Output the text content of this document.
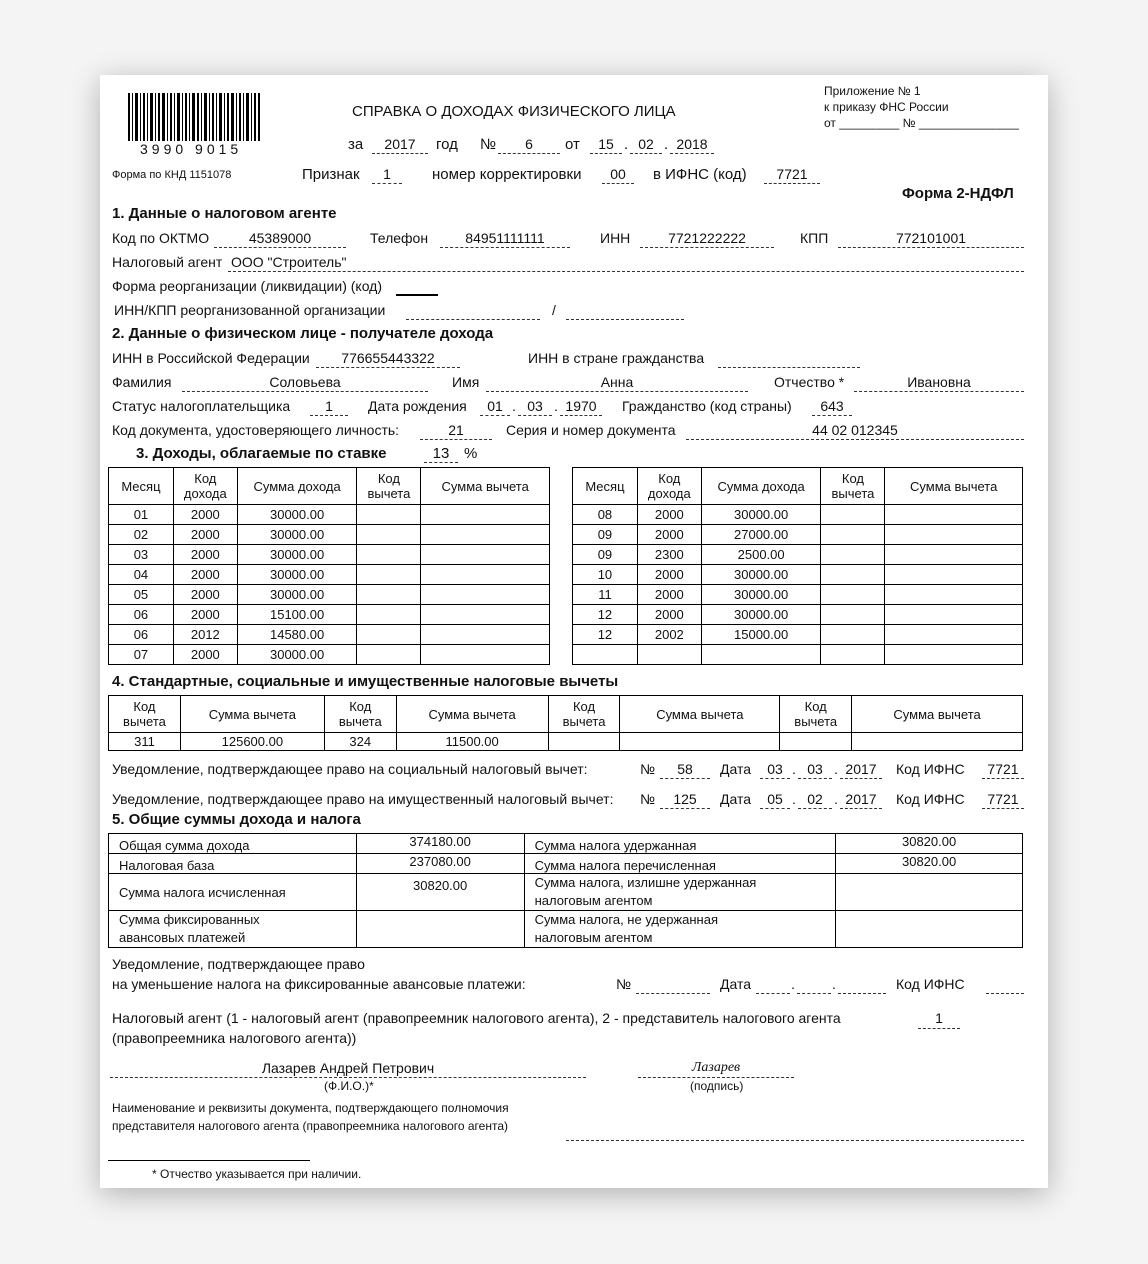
3990 9015
Форма по КНД 1151078
СПРАВКА О ДОХОДАХ ФИЗИЧЕСКОГО ЛИЦА
за	2017	год №	6	от	15 . 02 . 2018
Признак	1	номер корректировки	00	в ИФНС (код)	7721
Приложение № 1
к приказу ФНС России
от _________ № _______________
Форма 2-НДФЛ
1. Данные о налоговом агенте
Код по ОКТМО	45389000	Телефон	84951111111	ИНН	7721222222	КПП	772101001
Налоговый агент ООО "Строитель"
Форма реорганизации (ликвидации) (код)
ИНН/КПП реорганизованной организации	/
2. Данные о физическом лице - получателе дохода
ИНН в Российской Федерации	776655443322	ИНН в стране гражданства
Фамилия	Соловьева	Имя	Анна	Отчество *	Ивановна
Статус налогоплательщика	1	Дата рождения	01 . 03 . 1970	Гражданство (код страны)	643
Код документа, удостоверяющего личность:	21	Серия и номер документа	44 02 012345
3. Доходы, облагаемые по ставке	13 %
Месяц	Код дохода	Сумма дохода	Код вычета	Сумма вычета
01	2000	30000.00		
02	2000	30000.00		
03	2000	30000.00		
04	2000	30000.00		
05	2000	30000.00		
06	2000	15100.00		
06	2012	14580.00		
07	2000	30000.00		
Месяц	Код дохода	Сумма дохода	Код вычета	Сумма вычета
08	2000	30000.00		
09	2000	27000.00		
09	2300	2500.00		
10	2000	30000.00		
11	2000	30000.00		
12	2000	30000.00		
12	2002	15000.00		

4. Стандартные, социальные и имущественные налоговые вычеты
Код вычета	Сумма вычета	Код вычета	Сумма вычета	Код вычета	Сумма вычета	Код вычета	Сумма вычета
311	125600.00	324	11500.00				
Уведомление, подтверждающее право на социальный налоговый вычет:	№	58	Дата	03 . 03 . 2017	Код ИФНС	7721
Уведомление, подтверждающее право на имущественный налоговый вычет: №	125	Дата	05 . 02 . 2017	Код ИФНС	7721
5. Общие суммы дохода и налога
Общая сумма дохода	374180.00	Сумма налога удержанная	30820.00
Налоговая база	237080.00	Сумма налога перечисленная	30820.00
Сумма налога исчисленная	30820.00	Сумма налога, излишне удержанная
налоговым агентом	
Сумма фиксированных
авансовых платежей		Сумма налога, не удержанная
налоговым агентом	
Уведомление, подтверждающее право
на уменьшение налога на фиксированные авансовые платежи:	№	Дата	.	.	Код ИФНС
Налоговый агент (1 - налоговый агент (правопреемник налогового агента), 2 - представитель налогового агента
(правопреемника налогового агента))
1
Лазарев Андрей Петрович
(Ф.И.О.)*
Лазарев
(подпись)
Наименование и реквизиты документа, подтверждающего полномочия
представителя налогового агента (правопреемника налогового агента)
* Отчество указывается при наличии.
